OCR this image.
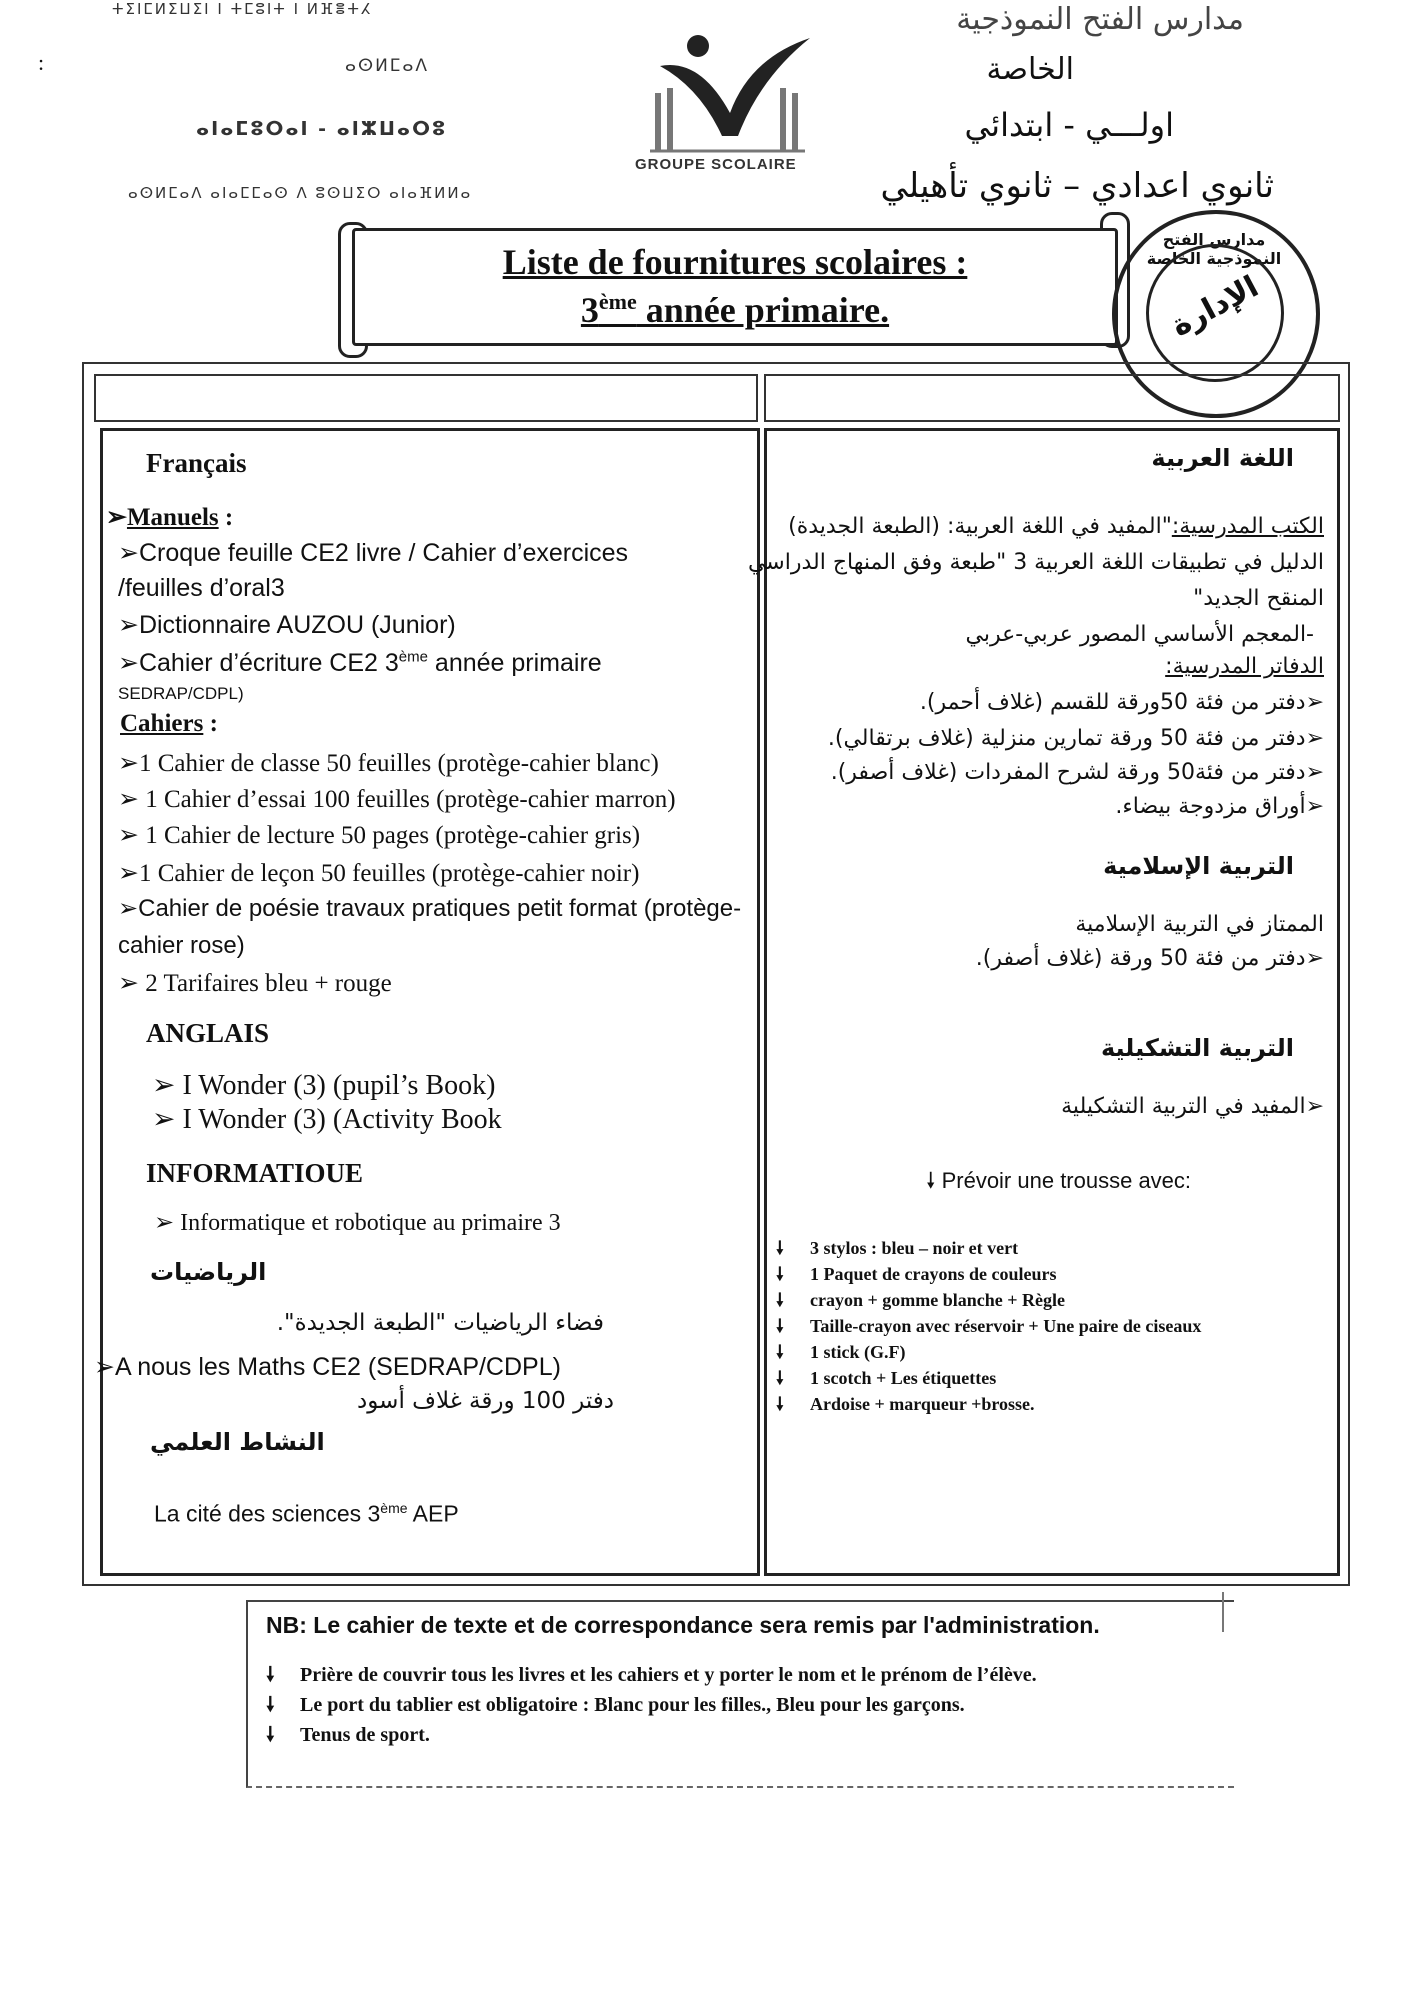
ⵜⵉⵏⵎⵍⵉⵡⵉⵏ ⵏ ⵜⵎⵓⵏⵜ ⵏ ⵍⴼⴻⵜⵃ
ⴰⵙⵍⵎⴰⴷ
ⴰⵏⴰⵎⵓⵔⴰⵏ - ⴰⵏⵣⵡⴰⵔⵓ
ⴰⵙⵍⵎⴰⴷ ⴰⵏⴰⵎⵎⴰⵙ ⴷ ⵓⵙⵡⵉⵔ ⴰⵏⴰⴼⵍⵍⴰ
:
GROUPE SCOLAIRE
مدارس الفتح النموذجية
الخاصة
اولـــي - ابتدائي
ثانوي اعدادي – ثانوي تأهيلي
Liste de fournitures scolaires :
3ème année primaire.
مدارس الفتح النموذجية الخاصة
الإدارة
Français
➢Manuels :
➢Croque feuille CE2 livre / Cahier d’exercices
/feuilles d’oral3
➢Dictionnaire AUZOU (Junior)
➢Cahier d’écriture CE2 3ème année primaire
SEDRAP/CDPL)
Cahiers :
➢1 Cahier de classe 50 feuilles (protège-cahier blanc)
➢ 1 Cahier d’essai 100 feuilles (protège-cahier marron)
➢ 1 Cahier de lecture 50 pages (protège-cahier gris)
➢1 Cahier de leçon 50 feuilles (protège-cahier noir)
➢Cahier de poésie travaux pratiques petit format (protège-
cahier rose)
➢ 2 Tarifaires bleu + rouge
ANGLAIS
➢ I Wonder (3) (pupil’s Book)
➢ I Wonder (3) (Activity Book
INFORMATIOUE
➢ Informatique et robotique au primaire 3
الرياضيات
فضاء الرياضيات "الطبعة الجديدة".
➢A nous les Maths CE2 (SEDRAP/CDPL)
دفتر 100 ورقة غلاف أسود
النشاط العلمي
La cité des sciences 3ème AEP
اللغة العربية
الكتب المدرسية:"المفيد في اللغة العربية: (الطبعة الجديدة)
الدليل في تطبيقات اللغة العربية 3 "طبعة وفق المنهاج الدراسي
المنقح الجديد"
-المعجم الأساسي المصور عربي-عربي
الدفاتر المدرسية:
➢دفتر من فئة 50ورقة للقسم (غلاف أحمر).
➢دفتر من فئة 50 ورقة تمارين منزلية (غلاف برتقالي).
➢دفتر من فئة50 ورقة لشرح المفردات (غلاف أصفر).
➢أوراق مزدوجة بيضاء.
التربية الإسلامية
الممتاز في التربية الإسلامية
➢دفتر من فئة 50 ورقة (غلاف أصفر).
التربية التشكيلية
➢المفيد في التربية التشكيلية
🠗 Prévoir une trousse avec:
🠗 3 stylos : bleu – noir et vert
🠗 1 Paquet de crayons de couleurs
🠗 crayon + gomme blanche + Règle
🠗 Taille-crayon avec réservoir + Une paire de ciseaux
🠗 1 stick (G.F)
🠗 1 scotch + Les étiquettes
🠗 Ardoise + marqueur +brosse.
NB: Le cahier de texte et de correspondance sera remis par l'administration.
🠗 Prière de couvrir tous les livres et les cahiers et y porter le nom et le prénom de l’élève.
🠗 Le port du tablier est obligatoire : Blanc pour les filles., Bleu pour les garçons.
🠗 Tenus de sport.
